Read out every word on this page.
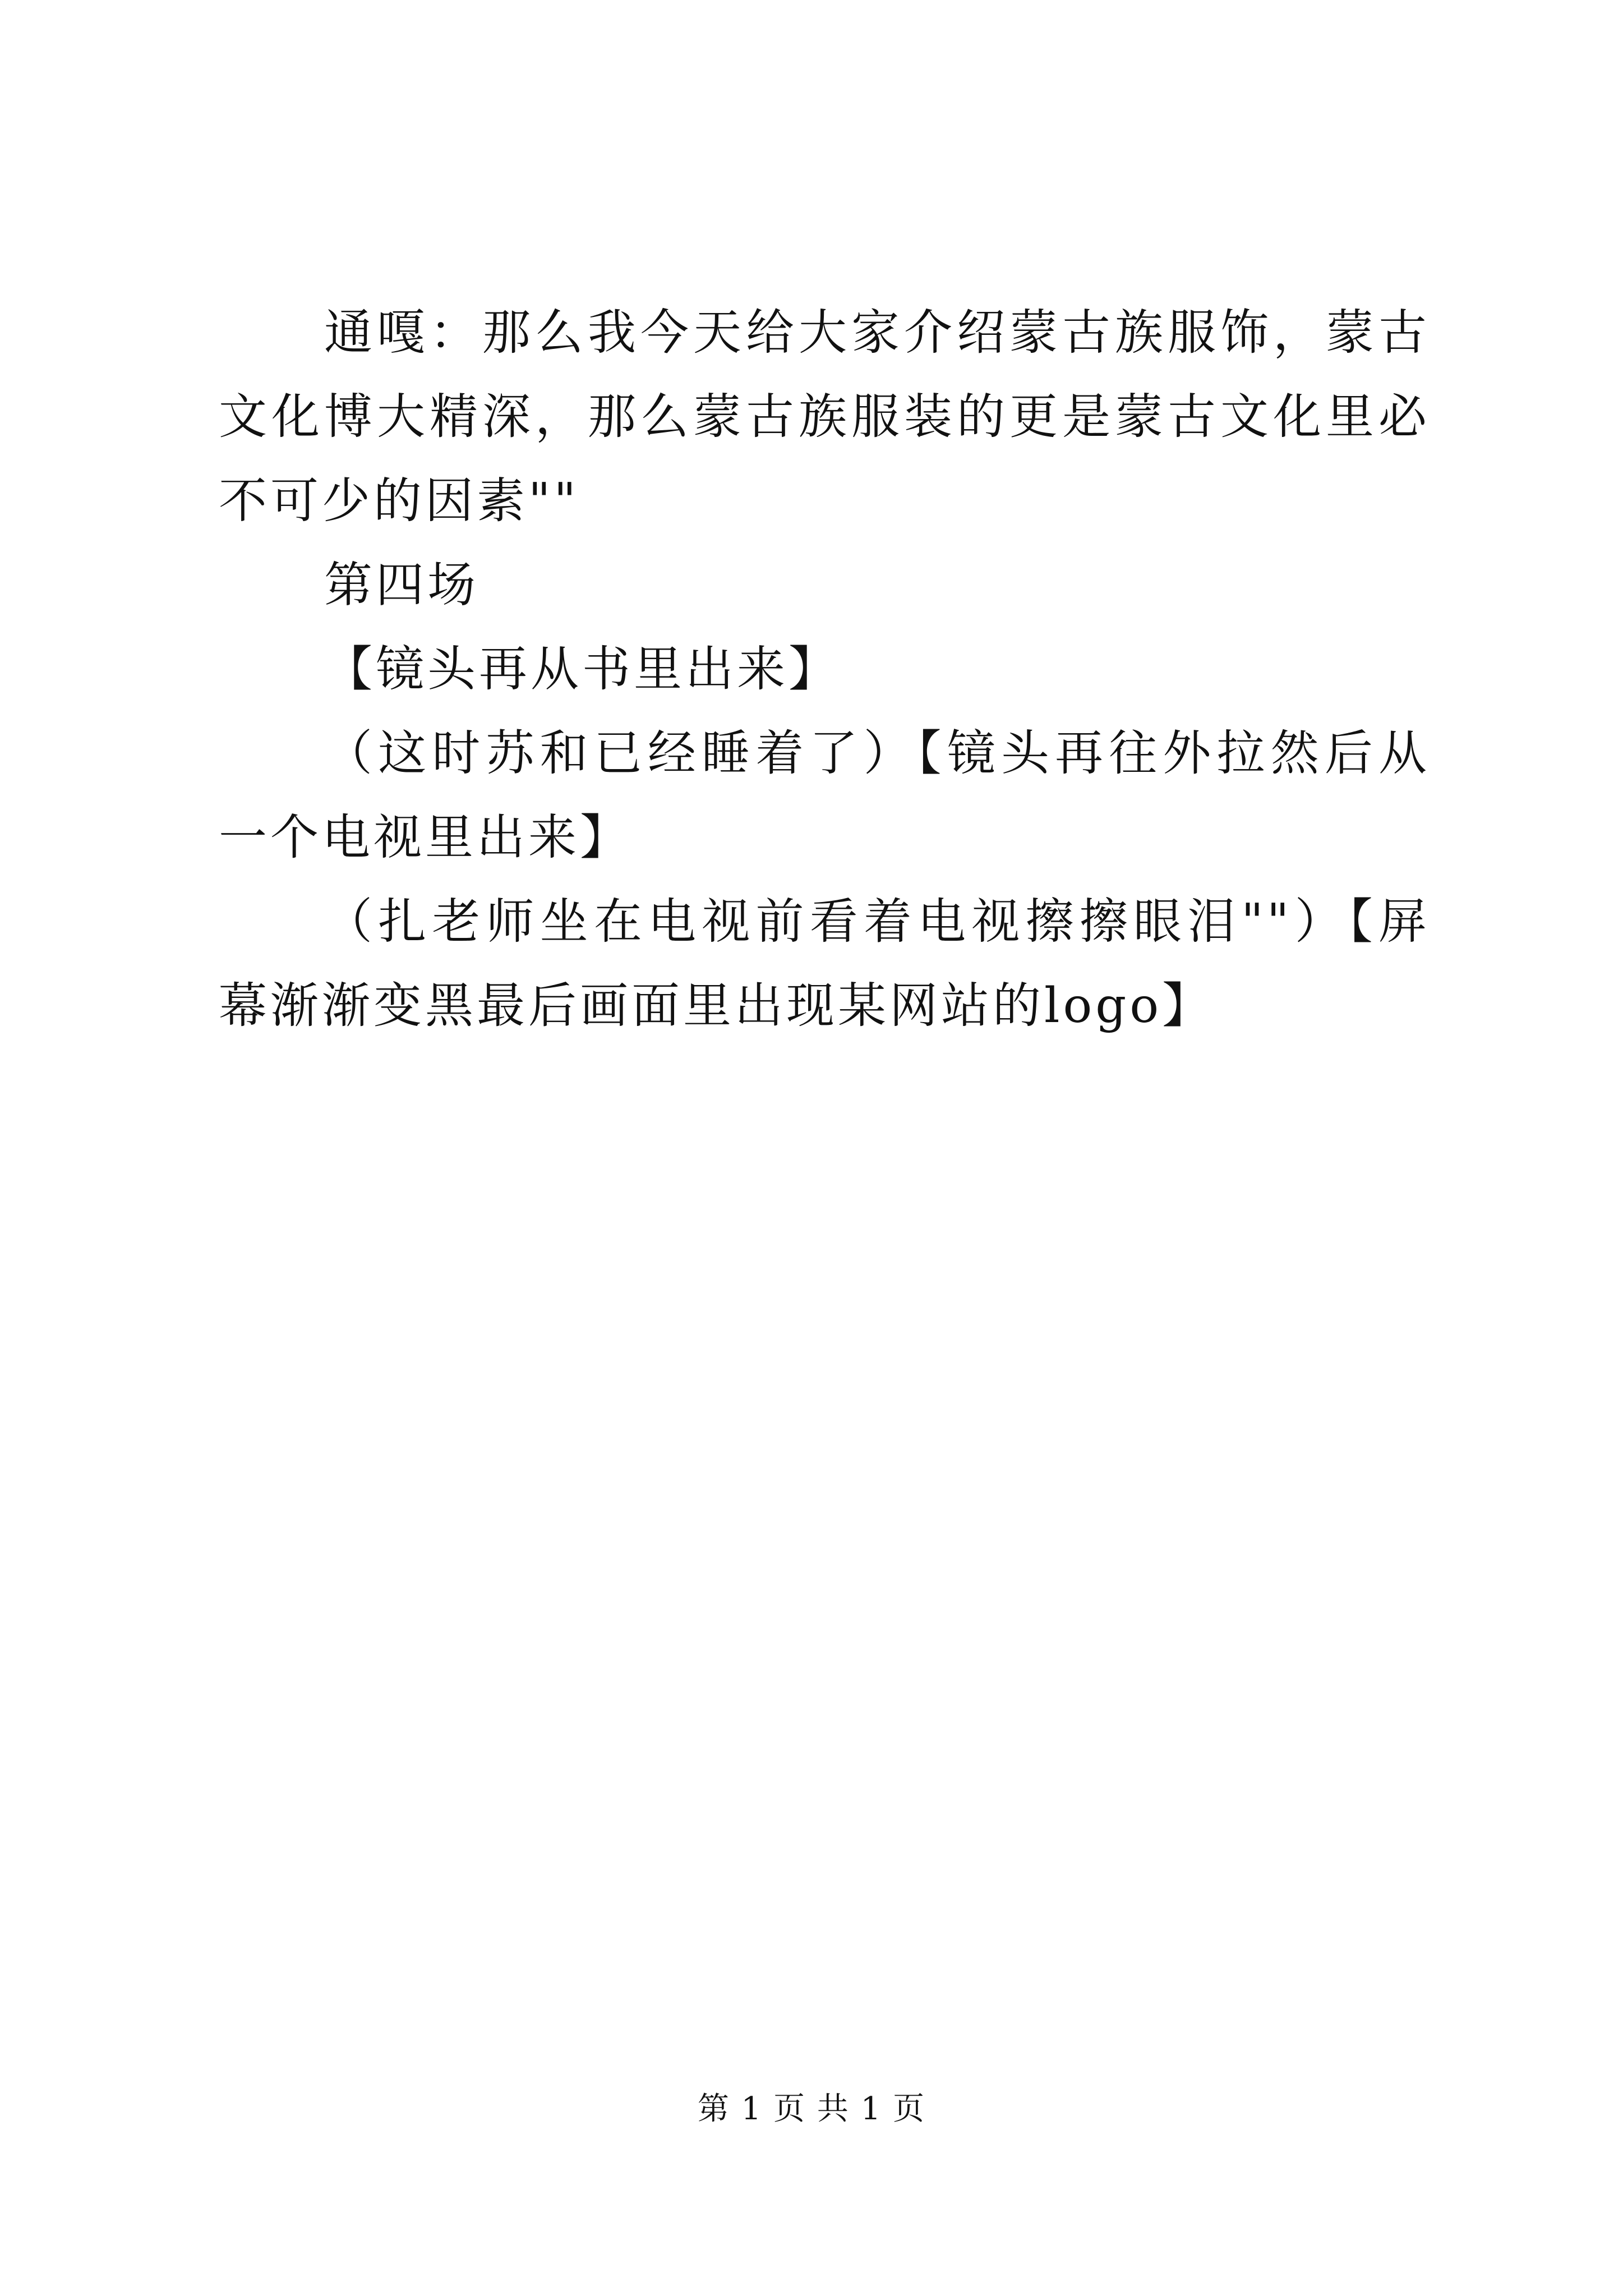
通嘎：那么我今天给大家介绍蒙古族服饰，蒙古文化博大精深，那么蒙古族服装的更是蒙古文化里必不可少的因素""

第四场

【镜头再从书里出来】

（这时苏和已经睡着了）【镜头再往外拉然后从一个电视里出来】

（扎老师坐在电视前看着电视擦擦眼泪""）【屏幕渐渐变黑最后画面里出现某网站的logo】

第 1 页 共 1 页
